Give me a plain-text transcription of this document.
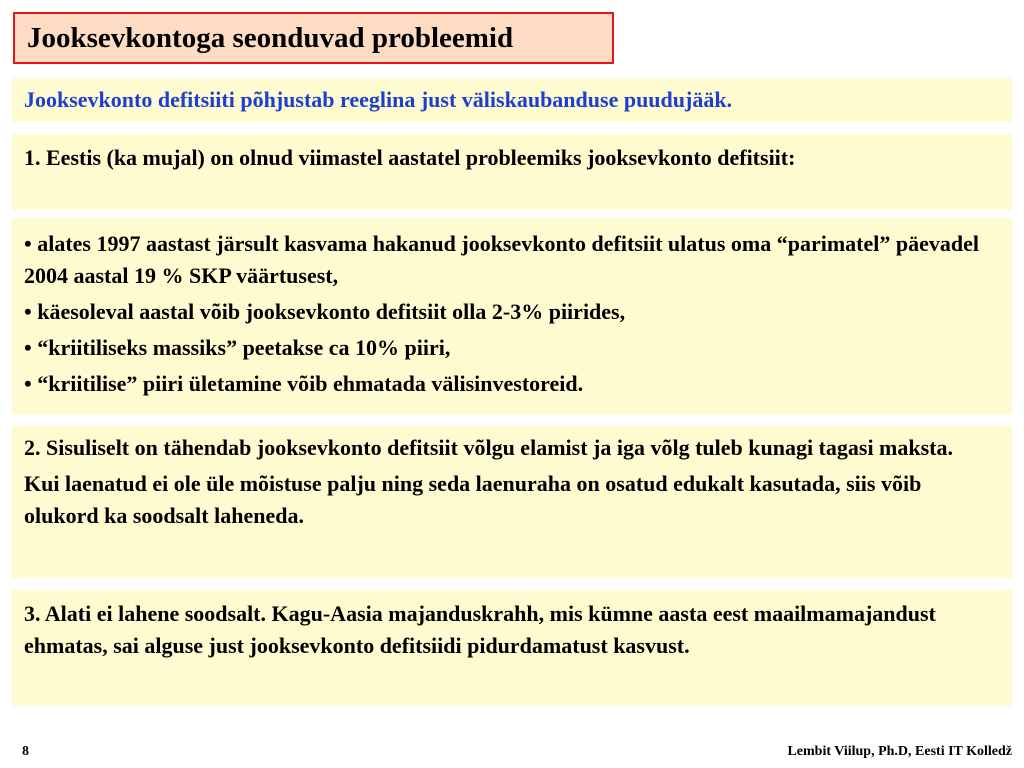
Jooksevkontoga seonduvad probleemid

Jooksevkonto defitsiiti põhjustab reeglina just väliskaubanduse puudujääk.

1. Eestis (ka mujal) on olnud viimastel aastatel probleemiks jooksevkonto defitsiit:

• alates 1997 aastast järsult kasvama hakanud jooksevkonto defitsiit ulatus oma “parimatel” päevadel 2004 aastal 19 % SKP väärtusest,

• käesoleval aastal võib jooksevkonto defitsiit olla 2-3% piirides,

• “kriitiliseks massiks” peetakse ca 10% piiri,

• “kriitilise” piiri ületamine võib ehmatada välisinvestoreid.

2. Sisuliselt on tähendab jooksevkonto defitsiit võlgu elamist ja iga võlg tuleb kunagi tagasi maksta.

Kui laenatud ei ole üle mõistuse palju ning seda laenuraha on osatud edukalt kasutada, siis võib olukord ka soodsalt laheneda.

3. Alati ei lahene soodsalt. Kagu-Aasia majanduskrahh, mis kümne aasta eest maailmamajandust ehmatas, sai alguse just jooksevkonto defitsiidi pidurdamatust kasvust.

8	Lembit Viilup, Ph.D, Eesti IT Kolledž
